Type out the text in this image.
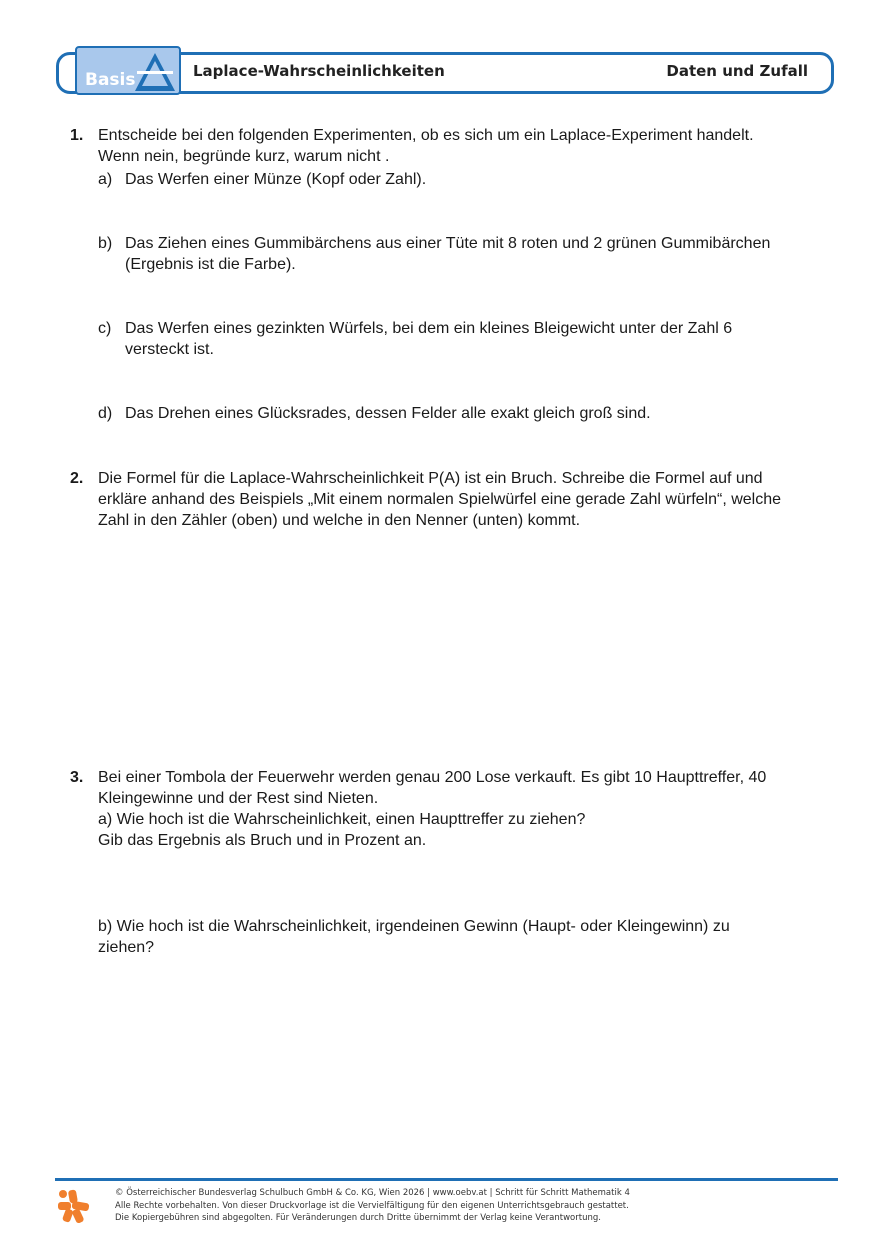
Basis	Laplace-Wahrscheinlichkeiten	Daten und Zufall
1. Entscheide bei den folgenden Experimenten, ob es sich um ein Laplace-Experiment handelt.
Wenn nein, begründe kurz, warum nicht .

a) Das Werfen einer Münze (Kopf oder Zahl).

b) Das Ziehen eines Gummibärchens aus einer Tüte mit 8 roten und 2 grünen Gummibärchen
(Ergebnis ist die Farbe).

c) Das Werfen eines gezinkten Würfels, bei dem ein kleines Bleigewicht unter der Zahl 6
versteckt ist.

d) Das Drehen eines Glücksrades, dessen Felder alle exakt gleich groß sind.

2. Die Formel für die Laplace-Wahrscheinlichkeit P(A) ist ein Bruch. Schreibe die Formel auf und
erkläre anhand des Beispiels „Mit einem normalen Spielwürfel eine gerade Zahl würfeln“, welche
Zahl in den Zähler (oben) und welche in den Nenner (unten) kommt.

3. Bei einer Tombola der Feuerwehr werden genau 200 Lose verkauft. Es gibt 10 Haupttreffer, 40
Kleingewinne und der Rest sind Nieten.
a) Wie hoch ist die Wahrscheinlichkeit, einen Haupttreffer zu ziehen?
Gib das Ergebnis als Bruch und in Prozent an.

b) Wie hoch ist die Wahrscheinlichkeit, irgendeinen Gewinn (Haupt- oder Kleingewinn) zu
ziehen?

© Österreichischer Bundesverlag Schulbuch GmbH & Co. KG, Wien 2026 | www.oebv.at | Schritt für Schritt Mathematik 4
Alle Rechte vorbehalten. Von dieser Druckvorlage ist die Vervielfältigung für den eigenen Unterrichtsgebrauch gestattet.
Die Kopiergebühren sind abgegolten. Für Veränderungen durch Dritte übernimmt der Verlag keine Verantwortung.
